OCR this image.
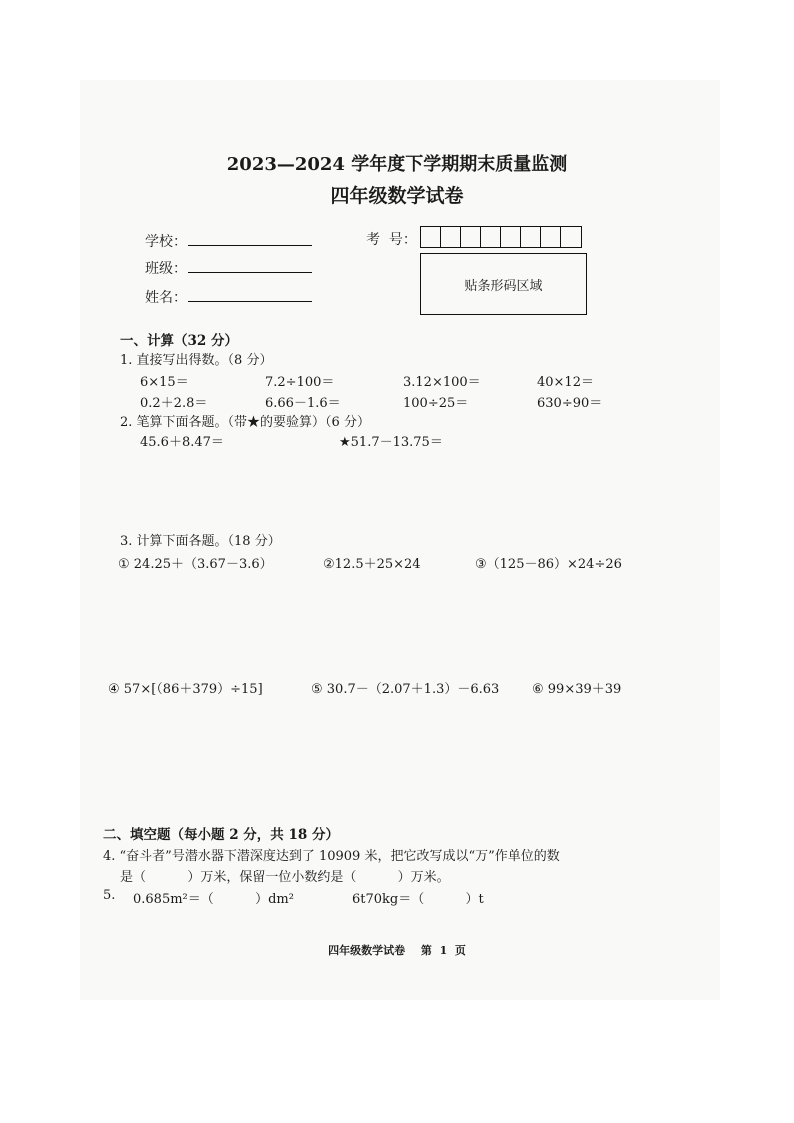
2023—2024 学年度下学期期末质量监测
四年级数学试卷
学校：
班级：
姓名：
考  号：
贴条形码区域
一、计算（32 分）
1. 直接写出得数。（8 分）
6×15＝	7.2÷100＝	3.12×100＝	40×12＝
0.2＋2.8＝	6.66－1.6＝	100÷25＝	630÷90＝
2. 笔算下面各题。（带★的要验算）（6 分）
45.6＋8.47＝	★51.7－13.75＝
3. 计算下面各题。（18 分）
① 24.25＋（3.67－3.6）	②12.5＋25×24	③（125－86）×24÷26
④ 57×[（86＋379）÷15]	⑤ 30.7－（2.07＋1.3）－6.63	⑥ 99×39＋39
二、填空题（每小题 2 分，共 18 分）
4. “奋斗者”号潜水器下潜深度达到了 10909 米，把它改写成以“万”作单位的数
是（          ）万米，保留一位小数约是（          ）万米。
5. 0.685m²＝（          ）dm²	6t70kg＝（          ）t
四年级数学试卷 第  1  页
